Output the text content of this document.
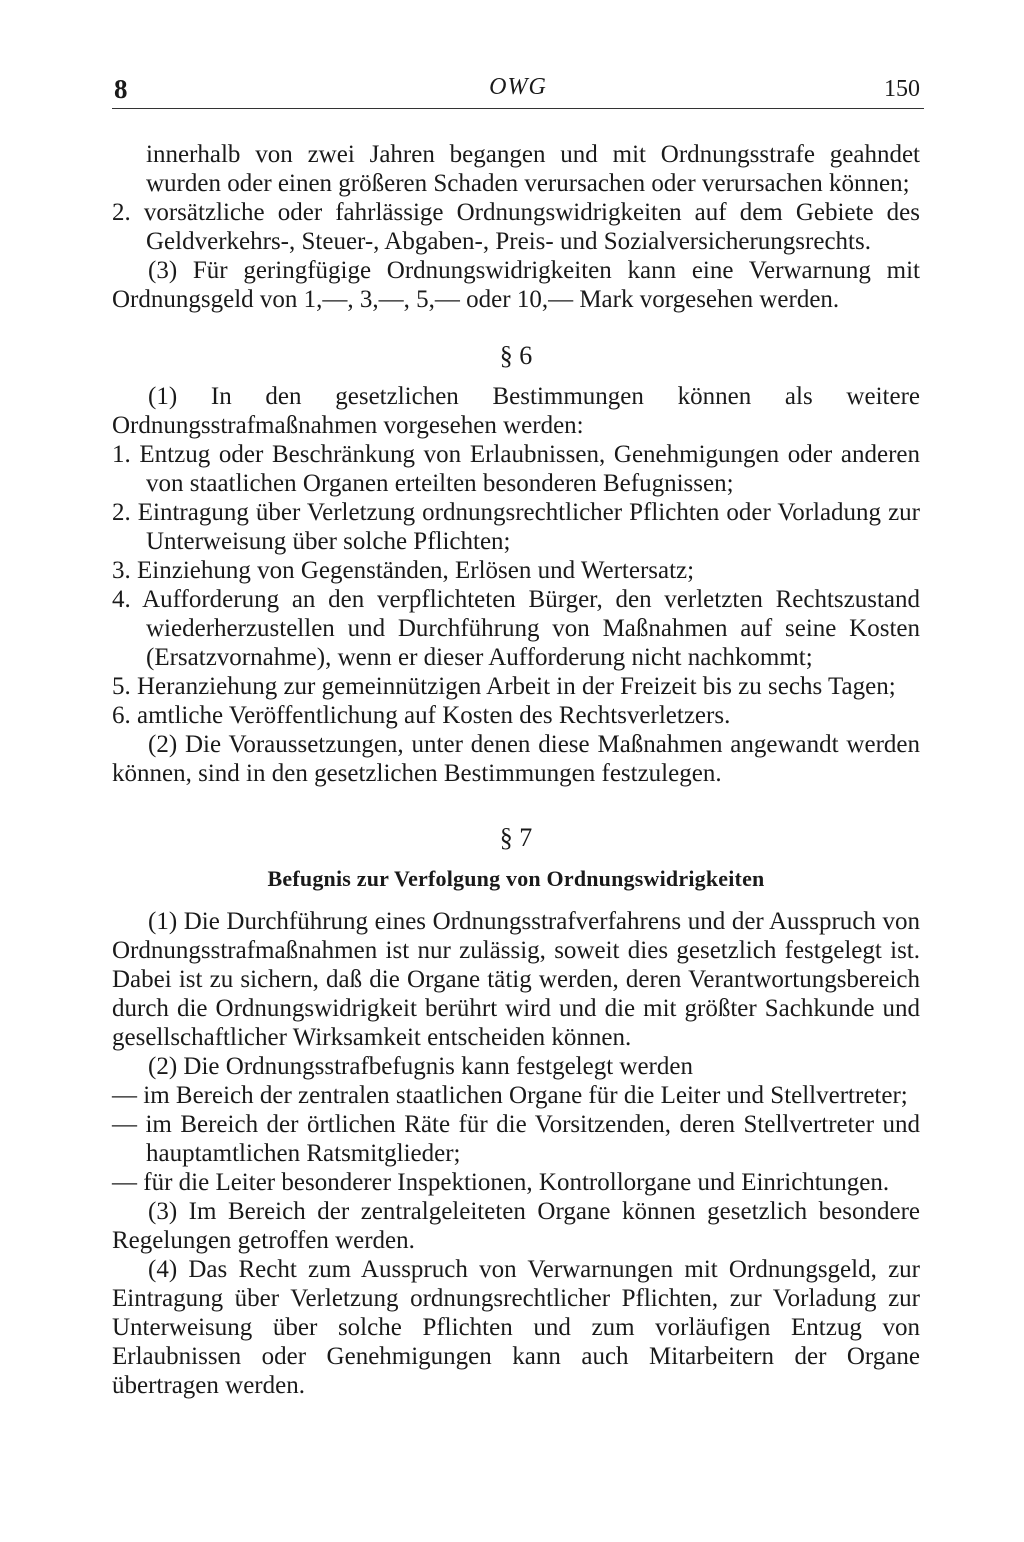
8	OWG	150

innerhalb von zwei Jahren begangen und mit Ordnungsstrafe geahndet wurden oder einen größeren Schaden verursachen oder verursachen können;

2. vorsätzliche oder fahrlässige Ordnungswidrigkeiten auf dem Gebiete des Geldverkehrs-, Steuer-, Abgaben-, Preis- und Sozialversicherungsrechts.

(3) Für geringfügige Ordnungswidrigkeiten kann eine Verwarnung mit Ordnungsgeld von 1,—, 3,—, 5,— oder 10,— Mark vorgesehen werden.

§ 6

(1) In den gesetzlichen Bestimmungen können als weitere Ordnungsstrafmaßnahmen vorgesehen werden:

1. Entzug oder Beschränkung von Erlaubnissen, Genehmigungen oder anderen von staatlichen Organen erteilten besonderen Befugnissen;

2. Eintragung über Verletzung ordnungsrechtlicher Pflichten oder Vorladung zur Unterweisung über solche Pflichten;

3. Einziehung von Gegenständen, Erlösen und Wertersatz;

4. Aufforderung an den verpflichteten Bürger, den verletzten Rechtszustand wiederherzustellen und Durchführung von Maßnahmen auf seine Kosten (Ersatzvornahme), wenn er dieser Aufforderung nicht nachkommt;

5. Heranziehung zur gemeinnützigen Arbeit in der Freizeit bis zu sechs Tagen;

6. amtliche Veröffentlichung auf Kosten des Rechtsverletzers.

(2) Die Voraussetzungen, unter denen diese Maßnahmen angewandt werden können, sind in den gesetzlichen Bestimmungen festzulegen.

§ 7

Befugnis zur Verfolgung von Ordnungswidrigkeiten

(1) Die Durchführung eines Ordnungsstrafverfahrens und der Ausspruch von Ordnungsstrafmaßnahmen ist nur zulässig, soweit dies gesetzlich festgelegt ist. Dabei ist zu sichern, daß die Organe tätig werden, deren Verantwortungsbereich durch die Ordnungswidrigkeit berührt wird und die mit größter Sachkunde und gesellschaftlicher Wirksamkeit entscheiden können.

(2) Die Ordnungsstrafbefugnis kann festgelegt werden

— im Bereich der zentralen staatlichen Organe für die Leiter und Stellvertreter;

— im Bereich der örtlichen Räte für die Vorsitzenden, deren Stellvertreter und hauptamtlichen Ratsmitglieder;

— für die Leiter besonderer Inspektionen, Kontrollorgane und Einrichtungen.

(3) Im Bereich der zentralgeleiteten Organe können gesetzlich besondere Regelungen getroffen werden.

(4) Das Recht zum Ausspruch von Verwarnungen mit Ordnungsgeld, zur Eintragung über Verletzung ordnungsrechtlicher Pflichten, zur Vorladung zur Unterweisung über solche Pflichten und zum vorläufigen Entzug von Erlaubnissen oder Genehmigungen kann auch Mitarbeitern der Organe übertragen werden.
